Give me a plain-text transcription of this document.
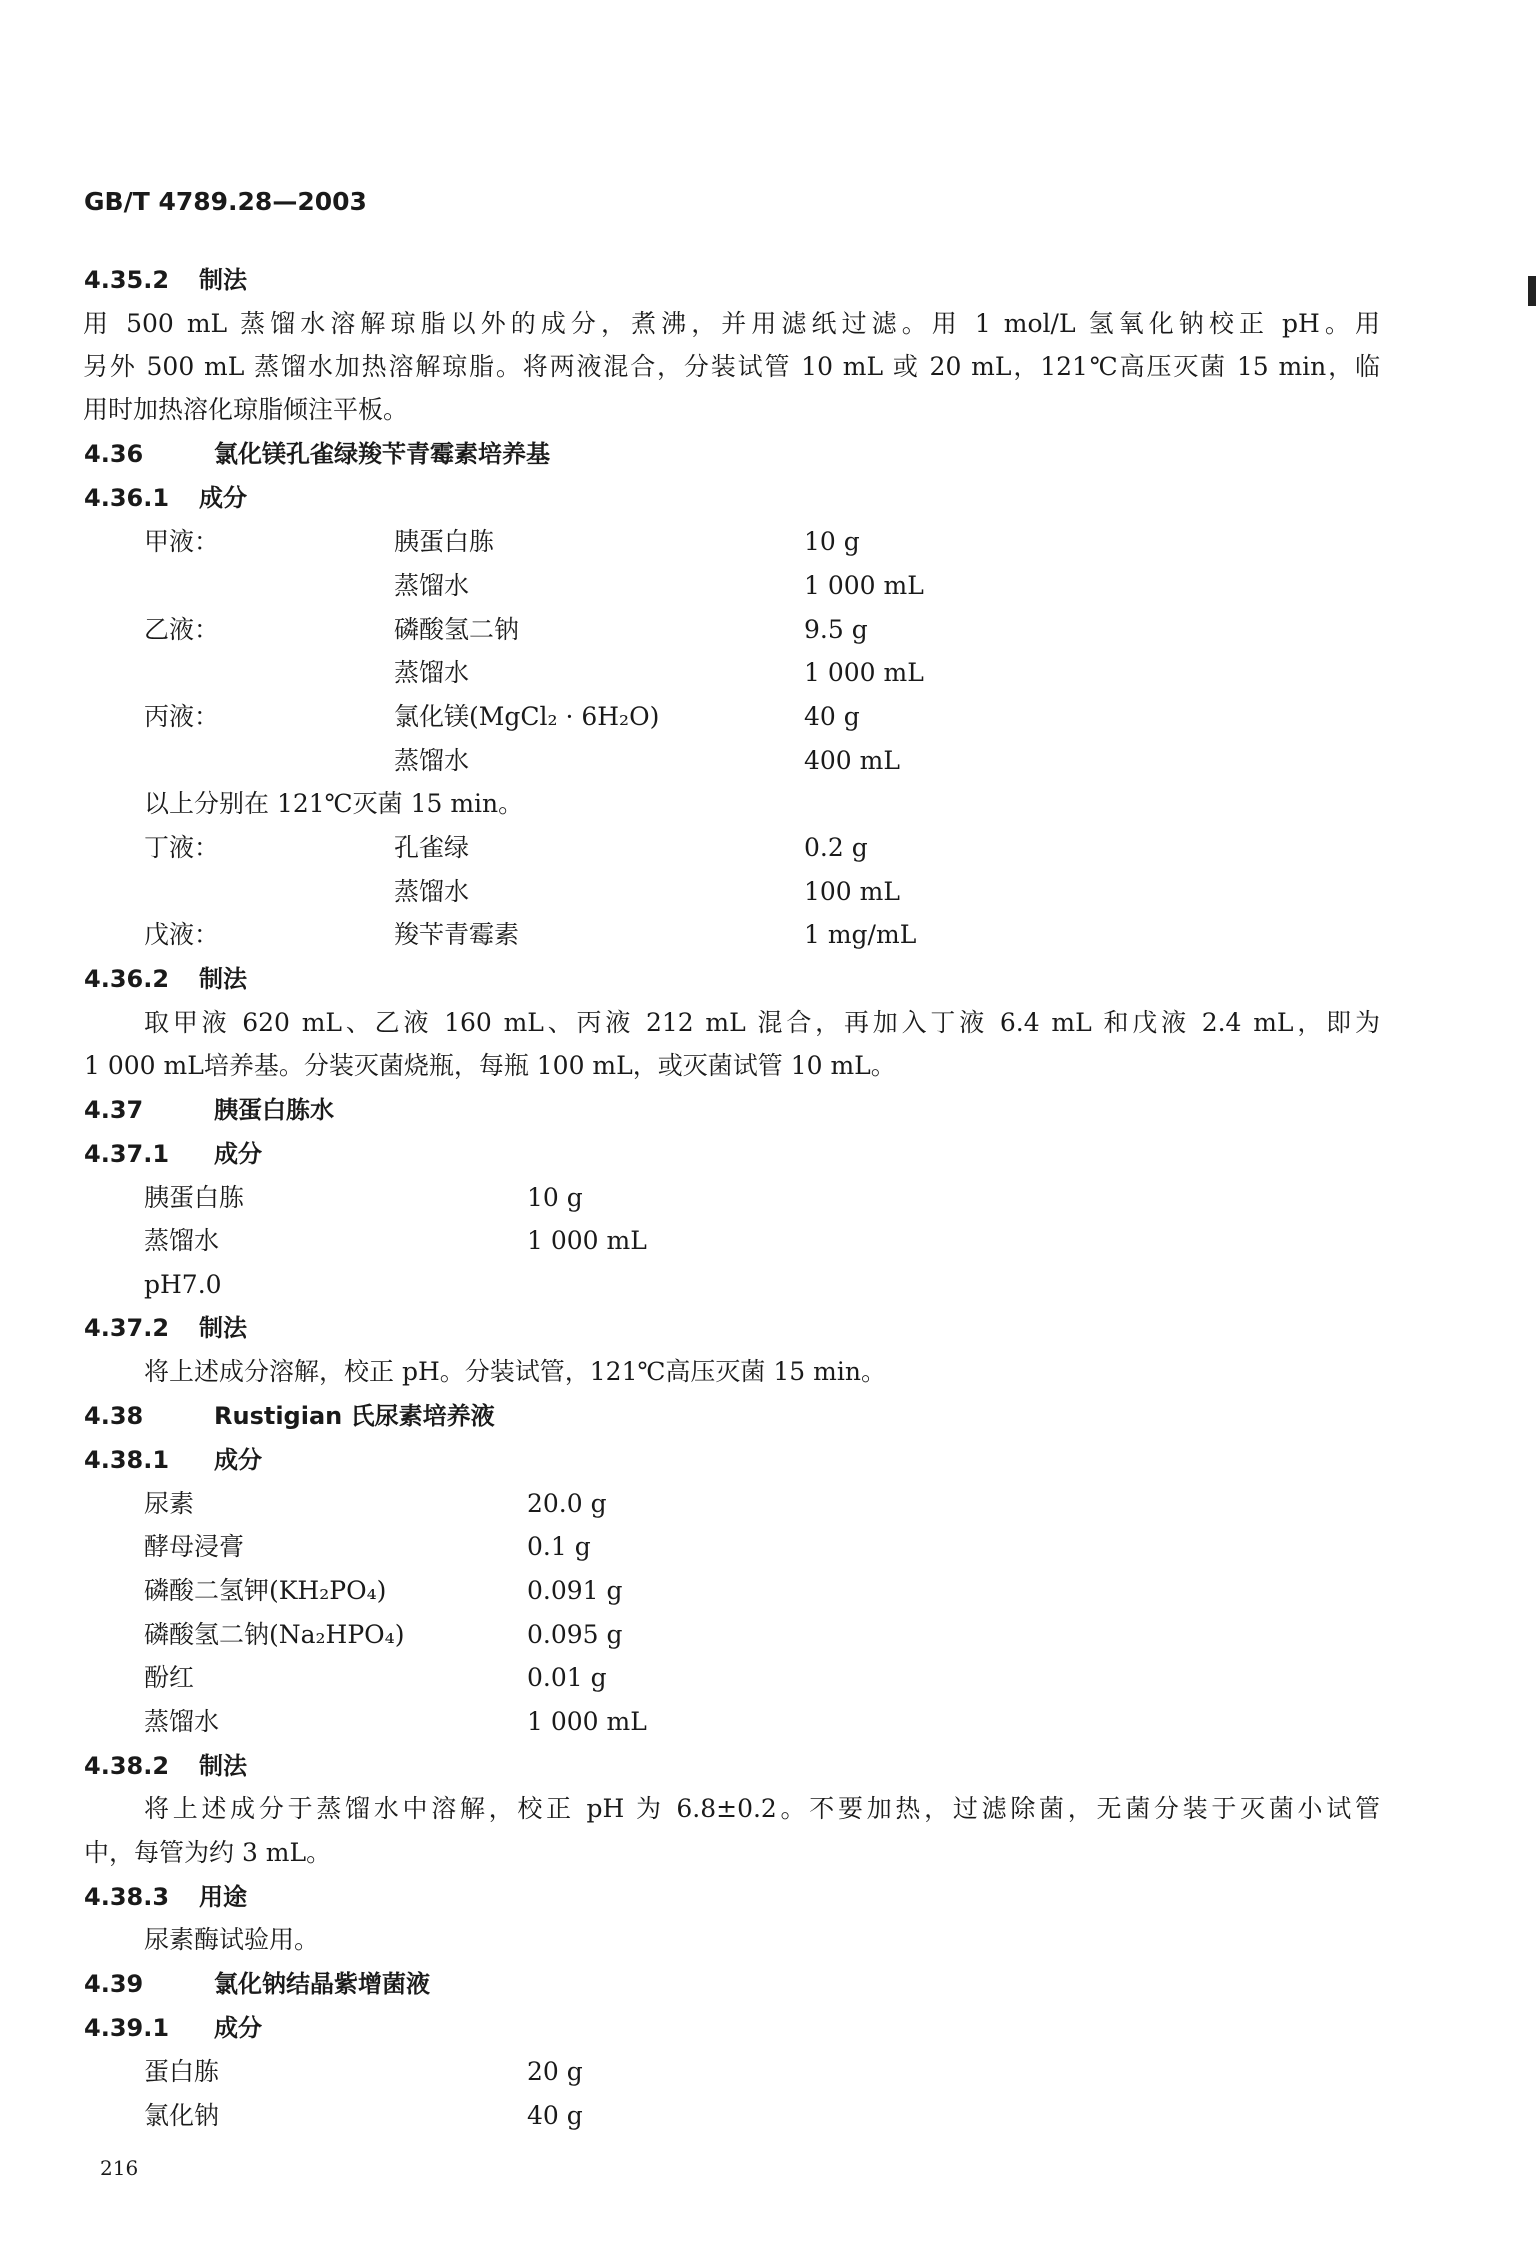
GB/T 4789.28—2003
4.35.2 制法
用 500 mL 蒸馏水溶解琼脂以外的成分，煮沸，并用滤纸过滤。用 1 mol/L 氢氧化钠校正 pH。用
另外 500 mL 蒸馏水加热溶解琼脂。将两液混合，分装试管 10 mL 或 20 mL，121℃高压灭菌 15 min，临
用时加热溶化琼脂倾注平板。
4.36	氯化镁孔雀绿羧苄青霉素培养基
4.36.1 成分
甲液：	胰蛋白胨	10 g
蒸馏水	1 000 mL
乙液：	磷酸氢二钠	9.5 g
蒸馏水	1 000 mL
丙液：	氯化镁(MgCl₂ · 6H₂O)	40 g
蒸馏水	400 mL
以上分别在 121℃灭菌 15 min。
丁液：	孔雀绿	0.2 g
蒸馏水	100 mL
戊液：	羧苄青霉素	1 mg/mL
4.36.2 制法
取甲液 620 mL、乙液 160 mL、丙液 212 mL 混合，再加入丁液 6.4 mL 和戊液 2.4 mL，即为
1 000 mL培养基。分装灭菌烧瓶，每瓶 100 mL，或灭菌试管 10 mL。
4.37	胰蛋白胨水
4.37.1 成分
胰蛋白胨	10 g
蒸馏水	1 000 mL
pH7.0
4.37.2 制法
将上述成分溶解，校正 pH。分装试管，121℃高压灭菌 15 min。
4.38	Rustigian 氏尿素培养液
4.38.1 成分
尿素	20.0 g
酵母浸膏	0.1 g
磷酸二氢钾(KH₂PO₄)	0.091 g
磷酸氢二钠(Na₂HPO₄)	0.095 g
酚红	0.01 g
蒸馏水	1 000 mL
4.38.2 制法
将上述成分于蒸馏水中溶解，校正 pH 为 6.8±0.2。不要加热，过滤除菌，无菌分装于灭菌小试管
中，每管为约 3 mL。
4.38.3 用途
尿素酶试验用。
4.39	氯化钠结晶紫增菌液
4.39.1 成分
蛋白胨	20 g
氯化钠	40 g
216
